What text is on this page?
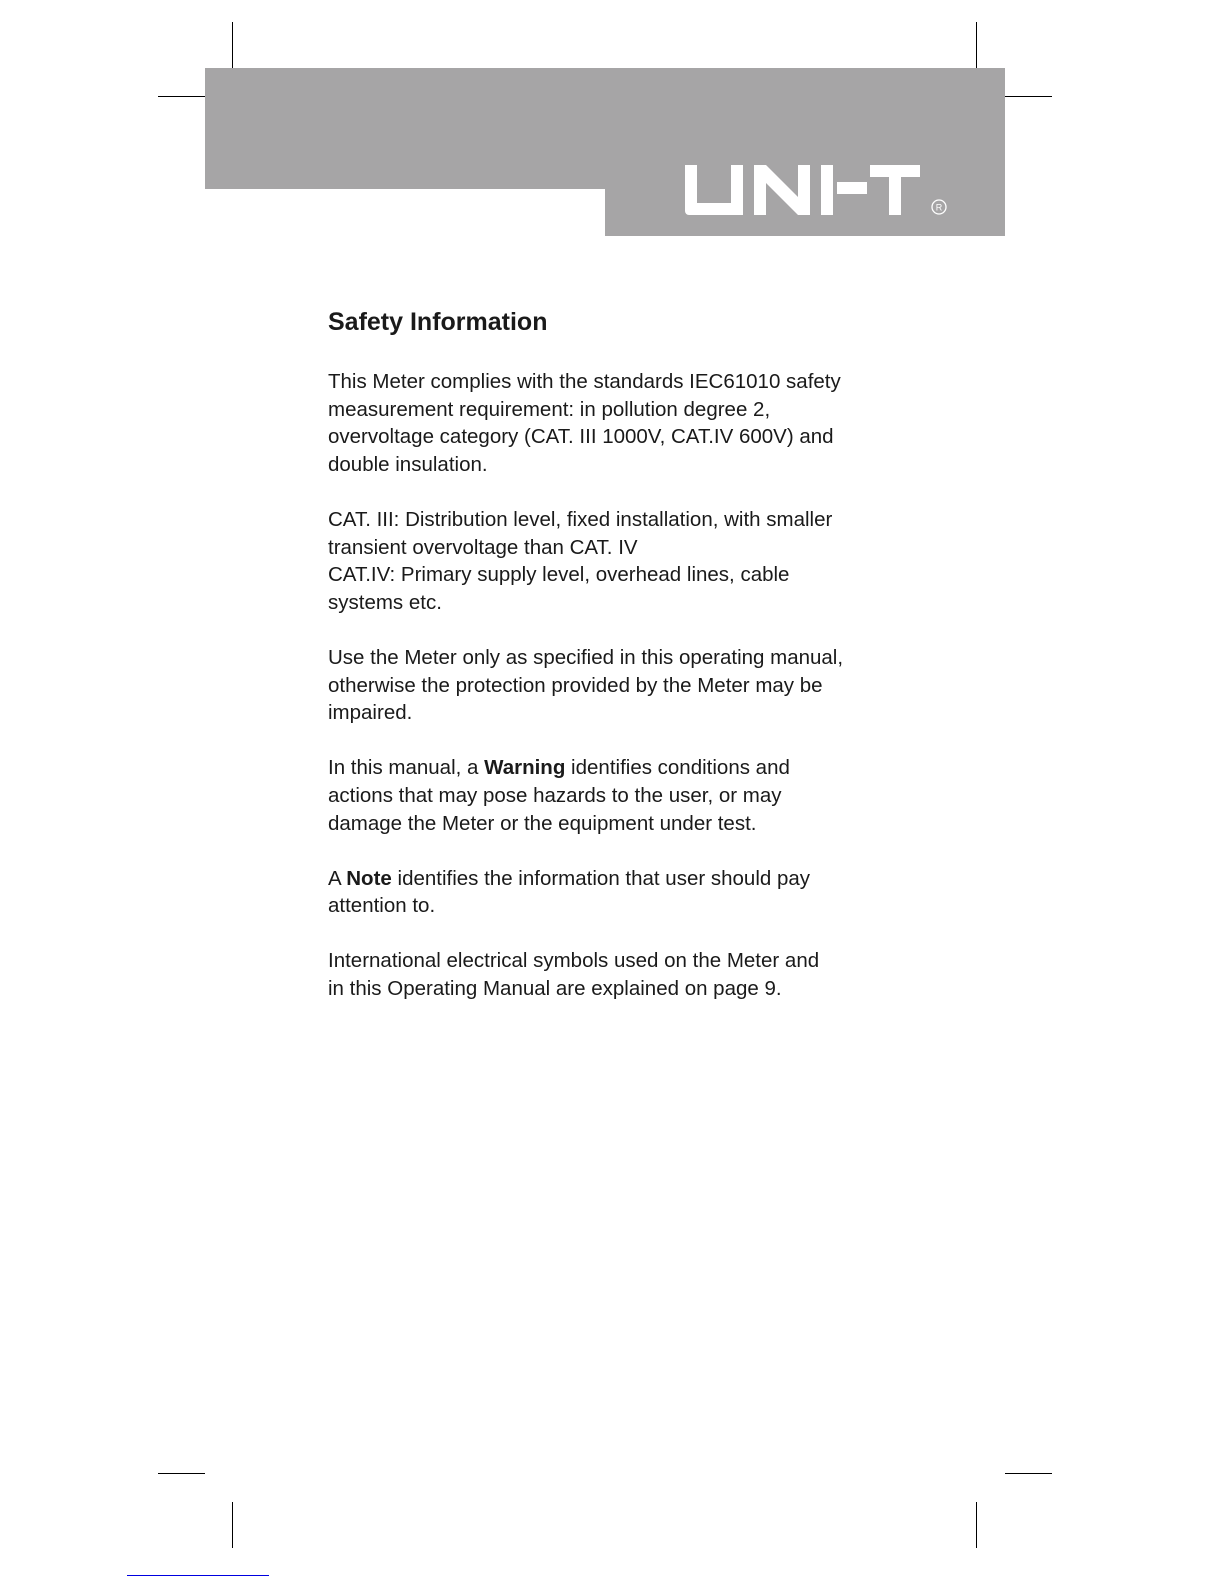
R
Safety Information

This Meter complies with the standards IEC61010 safety
measurement requirement: in pollution degree 2,
overvoltage category (CAT. III 1000V, CAT.IV 600V) and
double insulation.

CAT. III: Distribution level, fixed installation, with smaller
transient overvoltage than CAT. IV
CAT.IV: Primary supply level, overhead lines, cable
systems etc.

Use the Meter only as specified in this operating manual,
otherwise the protection provided by the Meter may be
impaired.

In this manual, a Warning identifies conditions and
actions that may pose hazards to the user, or may
damage the Meter or the equipment under test.

A Note identifies the information that user should pay
attention to.

International electrical symbols used on the Meter and
in this Operating Manual are explained on page 9.
